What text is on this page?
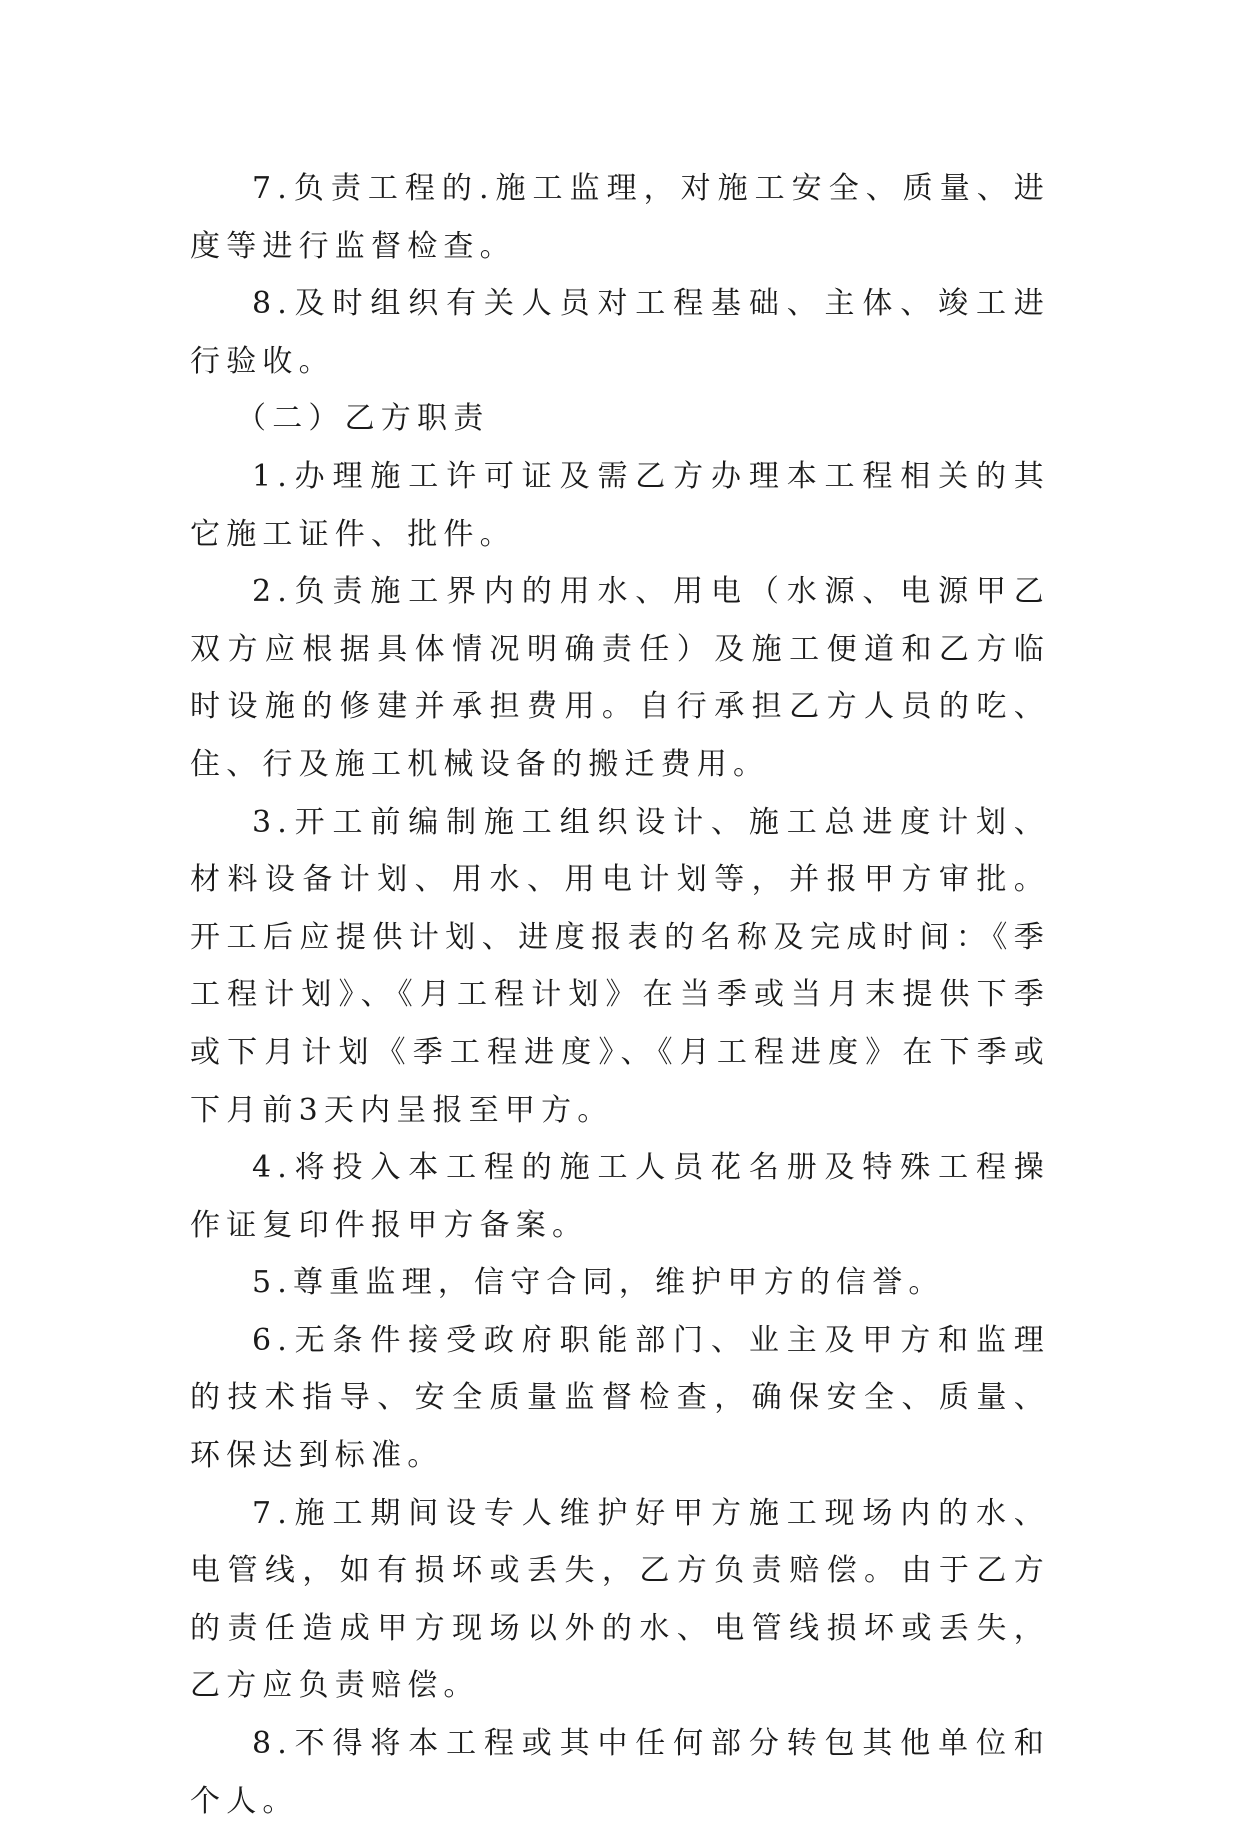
7.负责工程的.施工监理，对施工安全、质量、进度等进行监督检查。

8.及时组织有关人员对工程基础、主体、竣工进行验收。

（二）乙方职责

1.办理施工许可证及需乙方办理本工程相关的其它施工证件、批件。

2.负责施工界内的用水、用电（水源、电源甲乙双方应根据具体情况明确责任）及施工便道和乙方临时设施的修建并承担费用。自行承担乙方人员的吃、住、行及施工机械设备的搬迁费用。

3.开工前编制施工组织设计、施工总进度计划、材料设备计划、用水、用电计划等，并报甲方审批。开工后应提供计划、进度报表的名称及完成时间：《季工程计划》、《月工程计划》在当季或当月末提供下季或下月计划《季工程进度》、《月工程进度》在下季或下月前3天内呈报至甲方。

4.将投入本工程的施工人员花名册及特殊工程操作证复印件报甲方备案。

5.尊重监理，信守合同，维护甲方的信誉。

6.无条件接受政府职能部门、业主及甲方和监理的技术指导、安全质量监督检查，确保安全、质量、环保达到标准。

7.施工期间设专人维护好甲方施工现场内的水、电管线，如有损坏或丢失，乙方负责赔偿。由于乙方的责任造成甲方现场以外的水、电管线损坏或丢失，乙方应负责赔偿。

8.不得将本工程或其中任何部分转包其他单位和个人。
